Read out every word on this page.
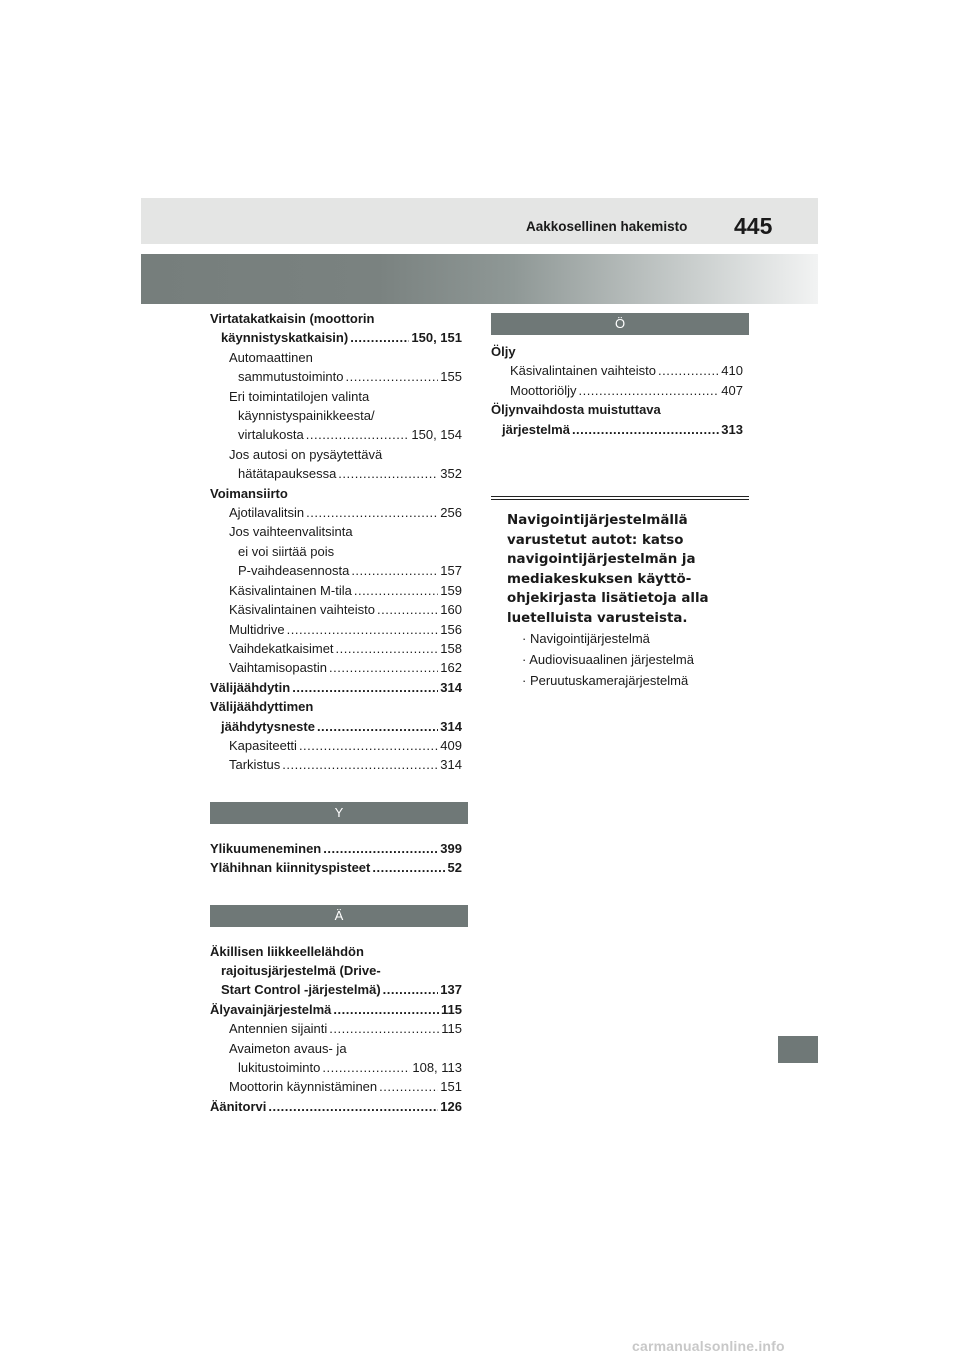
Aakkosellinen hakemisto 445
Virtatakatkaisin (moottorin
käynnistyskatkaisin) .....	150, 151
Automaattinen
sammutustoiminto .....	155
Eri toimintatilojen valinta
käynnistyspainikkeesta/
virtalukosta .....	150, 154
Jos autosi on pysäytettävä
hätätapauksessa .....	352
Voimansiirto
Ajotilavalitsin .....	256
Jos vaihteenvalitsinta
ei voi siirtää pois
P-vaihdeasennosta .....	157
Käsivalintainen M-tila .....	159
Käsivalintainen vaihteisto .....	160
Multidrive .....	156
Vaihdekatkaisimet .....	158
Vaihtamisopastin .....	162
Välijäähdytin .....	314
Välijäähdyttimen
jäähdytysneste .....	314
Kapasiteetti .....	409
Tarkistus .....	314
Y
Ylikuumeneminen .....	399
Ylähihnan kiinnityspisteet .....	52
Ä
Äkillisen liikkeellelähdön
rajoitusjärjestelmä (Drive-
Start Control -järjestelmä) .....	137
Älyavainjärjestelmä .....	115
Antennien sijainti .....	115
Avaimeton avaus- ja
lukitustoiminto .....	108, 113
Moottorin käynnistäminen .....	151
Äänitorvi .....	126
Ö
Öljy
Käsivalintainen vaihteisto .....	410
Moottoriöljy .....	407
Öljynvaihdosta muistuttava
järjestelmä .....	313
Navigointijärjestelmällä
varustetut autot: katso
navigointijärjestelmän ja
mediakeskuksen käyttö-
ohjekirjasta lisätietoja alla
luetelluista varusteista.
· Navigointijärjestelmä
· Audiovisuaalinen järjestelmä
· Peruutuskamerajärjestelmä
carmanualsonline.info
